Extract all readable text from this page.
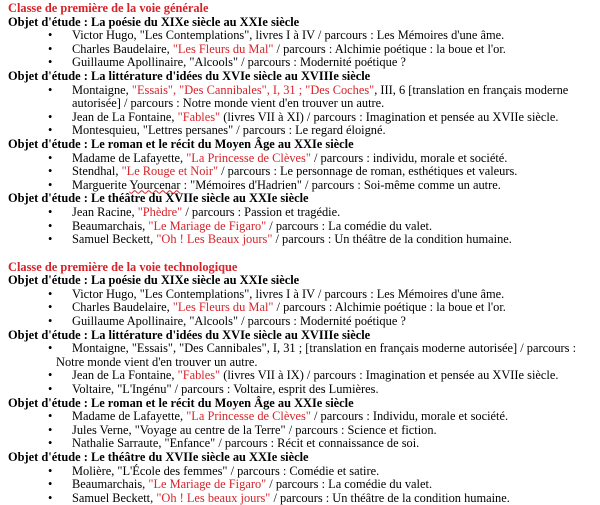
Classe de première de la voie générale
Objet d'étude : La poésie du XIXe siècle au XXIe siècle
• Victor Hugo, "Les Contemplations", livres I à IV / parcours : Les Mémoires d'une âme.
• Charles Baudelaire, "Les Fleurs du Mal" / parcours : Alchimie poétique : la boue et l'or.
• Guillaume Apollinaire, "Alcools" / parcours : Modernité poétique ?
Objet d'étude : La littérature d'idées du XVIe siècle au XVIIIe siècle
• Montaigne, "Essais", "Des Cannibales", I, 31 ; "Des Coches", III, 6 [translation en français moderne autorisée] / parcours : Notre monde vient d'en trouver un autre.
• Jean de La Fontaine, "Fables" (livres VII à XI) / parcours : Imagination et pensée au XVIIe siècle.
• Montesquieu, "Lettres persanes" / parcours : Le regard éloigné.
Objet d'étude : Le roman et le récit du Moyen Âge au XXIe siècle
• Madame de Lafayette, "La Princesse de Clèves" / parcours : individu, morale et société.
• Stendhal, "Le Rouge et Noir" / parcours : Le personnage de roman, esthétiques et valeurs.
• Marguerite Yourcenar : "Mémoires d'Hadrien" / parcours : Soi-même comme un autre.
Objet d'étude : Le théâtre du XVIIe siècle au XXIe siècle
• Jean Racine, "Phèdre" / parcours : Passion et tragédie.
• Beaumarchais, "Le Mariage de Figaro" / parcours : La comédie du valet.
• Samuel Beckett, "Oh ! Les Beaux jours" / parcours : Un théâtre de la condition humaine.
Classe de première de la voie technologique
Objet d'étude : La poésie du XIXe siècle au XXIe siècle
• Victor Hugo, "Les Contemplations", livres I à IV / parcours : Les Mémoires d'une âme.
• Charles Baudelaire, "Les Fleurs du Mal" / parcours : Alchimie poétique : la boue et l'or.
• Guillaume Apollinaire, "Alcools" / parcours : Modernité poétique ?
Objet d'étude : La littérature d'idées du XVIe siècle au XVIIIe siècle
• Montaigne, "Essais", "Des Cannibales", I, 31 ; [translation en français moderne autorisée] / parcours : Notre monde vient d'en trouver un autre.
• Jean de La Fontaine, "Fables" (livres VII à IX) / parcours : Imagination et pensée au XVIIe siècle.
• Voltaire, "L'Ingénu" / parcours : Voltaire, esprit des Lumières.
Objet d'étude : Le roman et le récit du Moyen Âge au XXIe siècle
• Madame de Lafayette, "La Princesse de Clèves" / parcours : Individu, morale et société.
• Jules Verne, "Voyage au centre de la Terre" / parcours : Science et fiction.
• Nathalie Sarraute, "Enfance" / parcours : Récit et connaissance de soi.
Objet d'étude : Le théâtre du XVIIe siècle au XXIe siècle
• Molière, "L'École des femmes" / parcours : Comédie et satire.
• Beaumarchais, "Le Mariage de Figaro" / parcours : La comédie du valet.
• Samuel Beckett, "Oh ! Les beaux jours" / parcours : Un théâtre de la condition humaine.
